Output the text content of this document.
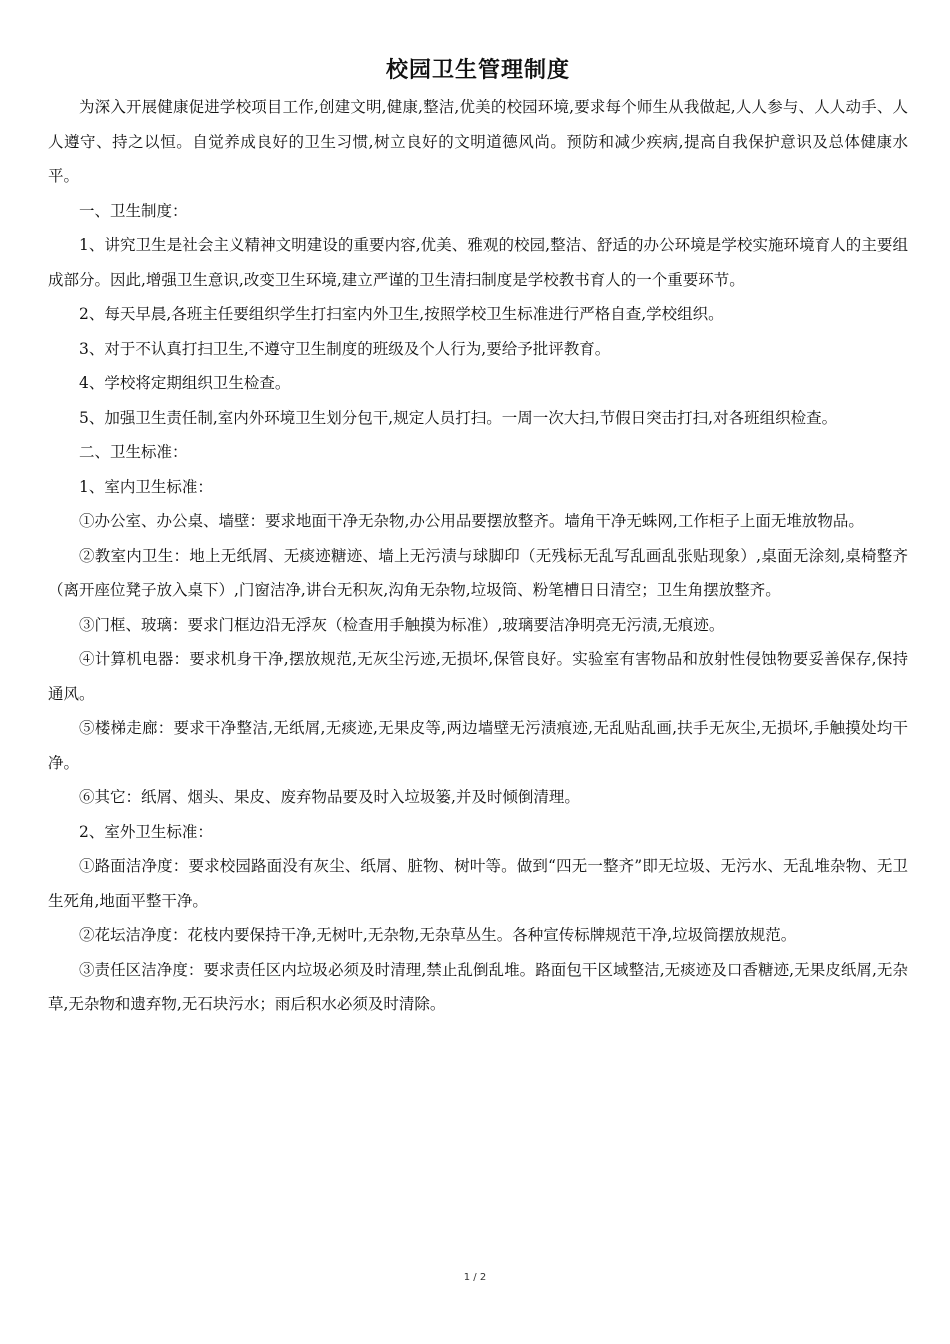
校园卫生管理制度

为深入开展健康促进学校项目工作,创建文明,健康,整洁,优美的校园环境,要求每个师生从我做起,人人参与、人人动手、人人遵守、持之以恒。自觉养成良好的卫生习惯,树立良好的文明道德风尚。预防和减少疾病,提高自我保护意识及总体健康水平。

一、卫生制度：

1、讲究卫生是社会主义精神文明建设的重要内容,优美、雅观的校园,整洁、舒适的办公环境是学校实施环境育人的主要组成部分。因此,增强卫生意识,改变卫生环境,建立严谨的卫生清扫制度是学校教书育人的一个重要环节。

2、每天早晨,各班主任要组织学生打扫室内外卫生,按照学校卫生标准进行严格自查,学校组织。

3、对于不认真打扫卫生,不遵守卫生制度的班级及个人行为,要给予批评教育。

4、学校将定期组织卫生检查。

5、加强卫生责任制,室内外环境卫生划分包干,规定人员打扫。一周一次大扫,节假日突击打扫,对各班组织检查。

二、卫生标准：

1、室内卫生标准：

①办公室、办公桌、墙壁：要求地面干净无杂物,办公用品要摆放整齐。墙角干净无蛛网,工作柜子上面无堆放物品。

②教室内卫生：地上无纸屑、无痰迹糖迹、墙上无污渍与球脚印（无残标无乱写乱画乱张贴现象）,桌面无涂刻,桌椅整齐（离开座位凳子放入桌下）,门窗洁净,讲台无积灰,沟角无杂物,垃圾筒、粉笔槽日日清空；卫生角摆放整齐。

③门框、玻璃：要求门框边沿无浮灰（检查用手触摸为标准）,玻璃要洁净明亮无污渍,无痕迹。

④计算机电器：要求机身干净,摆放规范,无灰尘污迹,无损坏,保管良好。实验室有害物品和放射性侵蚀物要妥善保存,保持通风。

⑤楼梯走廊：要求干净整洁,无纸屑,无痰迹,无果皮等,两边墙壁无污渍痕迹,无乱贴乱画,扶手无灰尘,无损坏,手触摸处均干净。

⑥其它：纸屑、烟头、果皮、废弃物品要及时入垃圾篓,并及时倾倒清理。

2、室外卫生标准：

①路面洁净度：要求校园路面没有灰尘、纸屑、脏物、树叶等。做到“四无一整齐”即无垃圾、无污水、无乱堆杂物、无卫生死角,地面平整干净。

②花坛洁净度：花枝内要保持干净,无树叶,无杂物,无杂草丛生。各种宣传标牌规范干净,垃圾筒摆放规范。

③责任区洁净度：要求责任区内垃圾必须及时清理,禁止乱倒乱堆。路面包干区域整洁,无痰迹及口香糖迹,无果皮纸屑,无杂草,无杂物和遗弃物,无石块污水；雨后积水必须及时清除。

1 / 2
